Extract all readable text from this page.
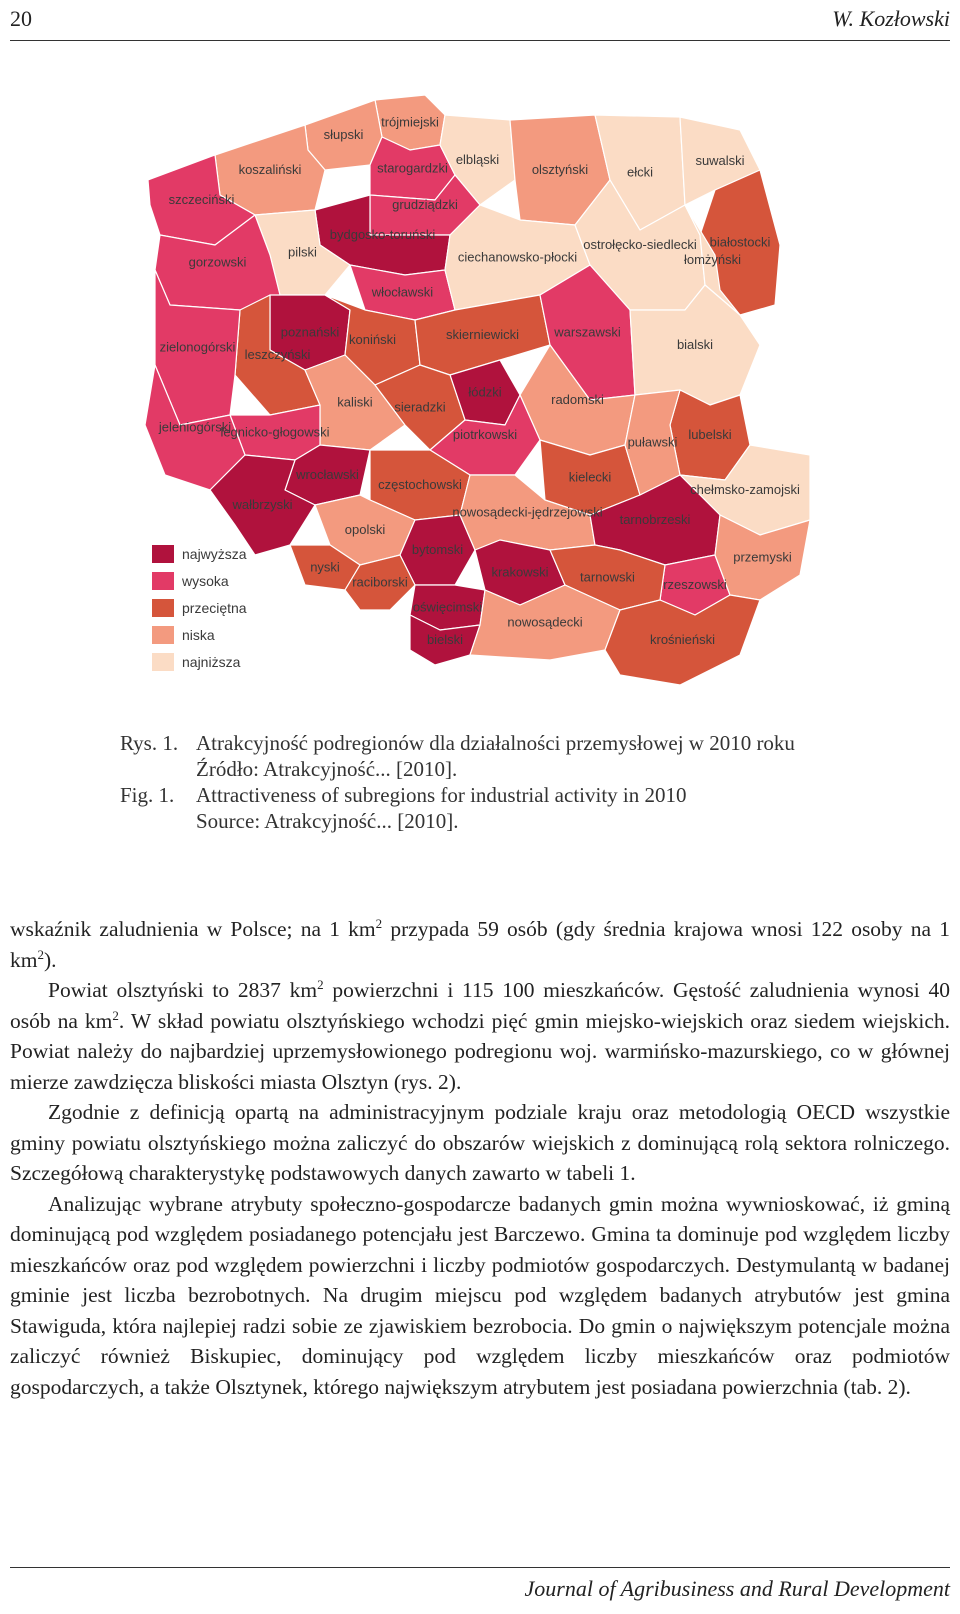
20	W. Kozłowski
trójmiejski
słupski
koszaliński	starogardzki
elbląski
olsztyński	ełcki
suwalski
szczeciński	grudziądzki
białostocki
bydgosko-toruński
pilski
włocławski
ciechanowsko-płocki
ostrołęcko-siedlecki
łomżyński
gorzowski
poznański koniński	skierniewicki	warszawski
leszczyński
zielonogórski
łódzki
bialski
kaliski sieradzki	radomski
legnicko-głogowski	piotrkowski	lubelski
jeleniogórski
wrocławski	kielecki
puławski
częstochowski	chełmsko-zamojski
wałbrzyski
opolski
nyski
bytomski
nowosądecki-jędrzejowski tarnobrzeski
krakowski
rzeszowski
raciborski
oświęcimski
tarnowski
przemyski
bielski
nowosądecki
krośnieński
najwyższa
wysoka
przeciętna
niska
najniższa
Rys. 1. Atrakcyjność podregionów dla działalności przemysłowej w 2010 roku
Źródło: Atrakcyjność... [2010].
Fig. 1.	Attractiveness of subregions for industrial activity in 2010
Source: Atrakcyjność... [2010].

wskaźnik zaludnienia w Polsce; na 1 $km^2$ przypada 59 osób (gdy średnia krajowa wnosi 122 osoby na 1 $km^2$).

Powiat olsztyński to 2837 $km^2$ powierzchni i 115 100 mieszkańców. Gęstość zaludnienia wynosi 40 osób na $km^2$. W skład powiatu olsztyńskiego wchodzi pięć gmin miejsko-wiejskich oraz siedem wiejskich. Powiat należy do najbardziej uprzemysłowionego podregionu woj. warmińsko-mazurskiego, co w głównej mierze zawdzięcza bliskości miasta Olsztyn (rys. 2).

Zgodnie z definicją opartą na administracyjnym podziale kraju oraz metodologią OECD wszystkie gminy powiatu olsztyńskiego można zaliczyć do obszarów wiejskich z dominującą rolą sektora rolniczego. Szczegółową charakterystykę podstawowych danych zawarto w tabeli 1.

Analizując wybrane atrybuty społeczno-gospodarcze badanych gmin można wywnioskować, iż gminą dominującą pod względem posiadanego potencjału jest Barczewo. Gmina ta dominuje pod względem liczby mieszkańców oraz pod względem powierzchni i liczby podmiotów gospodarczych. Destymulantą w badanej gminie jest liczba bezrobotnych. Na drugim miejscu pod względem badanych atrybutów jest gmina Stawiguda, która najlepiej radzi sobie ze zjawiskiem bezrobocia. Do gmin o największym potencjale można zaliczyć również Biskupiec, dominujący pod względem liczby mieszkańców oraz podmiotów gospodarczych, a także Olsztynek, którego największym atrybutem jest posiadana powierzchnia (tab. 2).

Journal of Agribusiness and Rural Development
